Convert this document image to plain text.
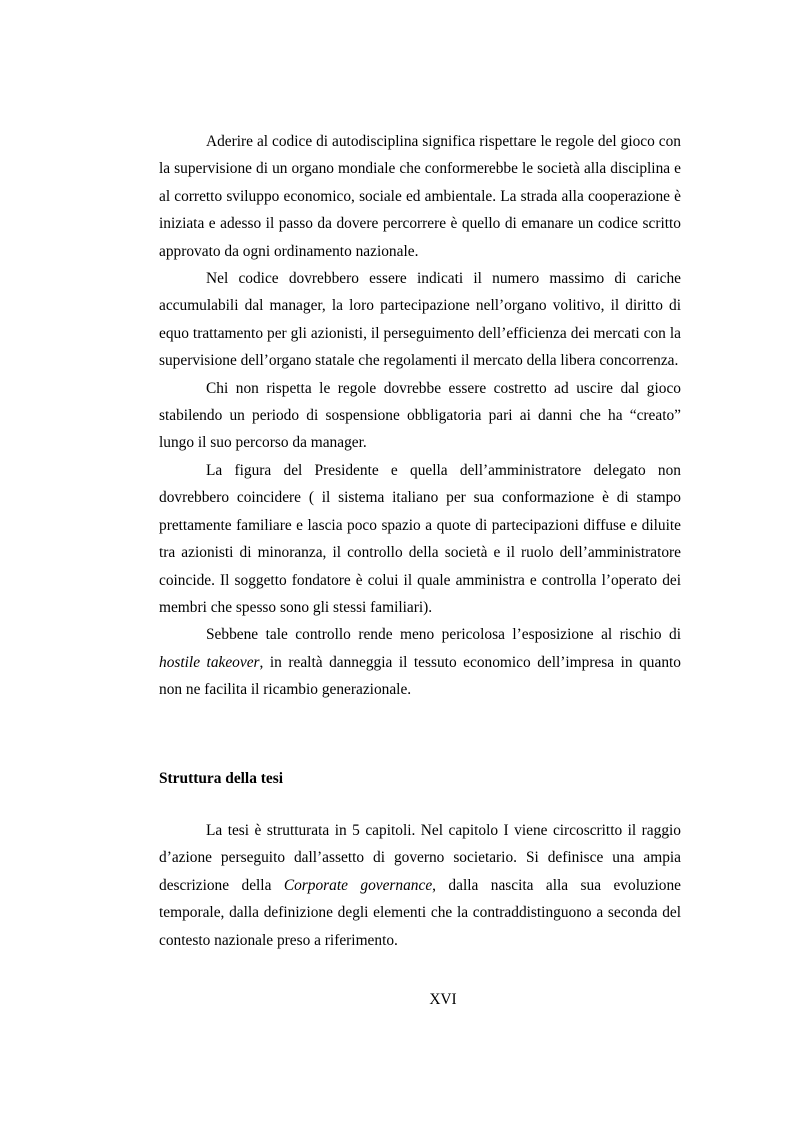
Aderire al codice di autodisciplina significa rispettare le regole del gioco con la supervisione di un organo mondiale che conformerebbe le società alla disciplina e al corretto sviluppo economico, sociale ed ambientale. La strada alla cooperazione è iniziata e adesso il passo da dovere percorrere è quello di emanare un codice scritto approvato da ogni ordinamento nazionale.

Nel codice dovrebbero essere indicati il numero massimo di cariche accumulabili dal manager, la loro partecipazione nell’organo volitivo, il diritto di equo trattamento per gli azionisti, il perseguimento dell’efficienza dei mercati con la supervisione dell’organo statale che regolamenti il mercato della libera concorrenza.

Chi non rispetta le regole dovrebbe essere costretto ad uscire dal gioco stabilendo un periodo di sospensione obbligatoria pari ai danni che ha “creato” lungo il suo percorso da manager.

La figura del Presidente e quella dell’amministratore delegato non dovrebbero coincidere ( il sistema italiano per sua conformazione è di stampo prettamente familiare e lascia poco spazio a quote di partecipazioni diffuse e diluite tra azionisti di minoranza, il controllo della società e il ruolo dell’amministratore coincide. Il soggetto fondatore è colui il quale amministra e controlla l’operato dei membri che spesso sono gli stessi familiari).

Sebbene tale controllo rende meno pericolosa l’esposizione al rischio di hostile takeover, in realtà danneggia il tessuto economico dell’impresa in quanto non ne facilita il ricambio generazionale.

Struttura della tesi

La tesi è strutturata in 5 capitoli. Nel capitolo I viene circoscritto il raggio d’azione perseguito dall’assetto di governo societario. Si definisce una ampia descrizione della Corporate governance, dalla nascita alla sua evoluzione temporale, dalla definizione degli elementi che la contraddistinguono a seconda del contesto nazionale preso a riferimento.

XVI
